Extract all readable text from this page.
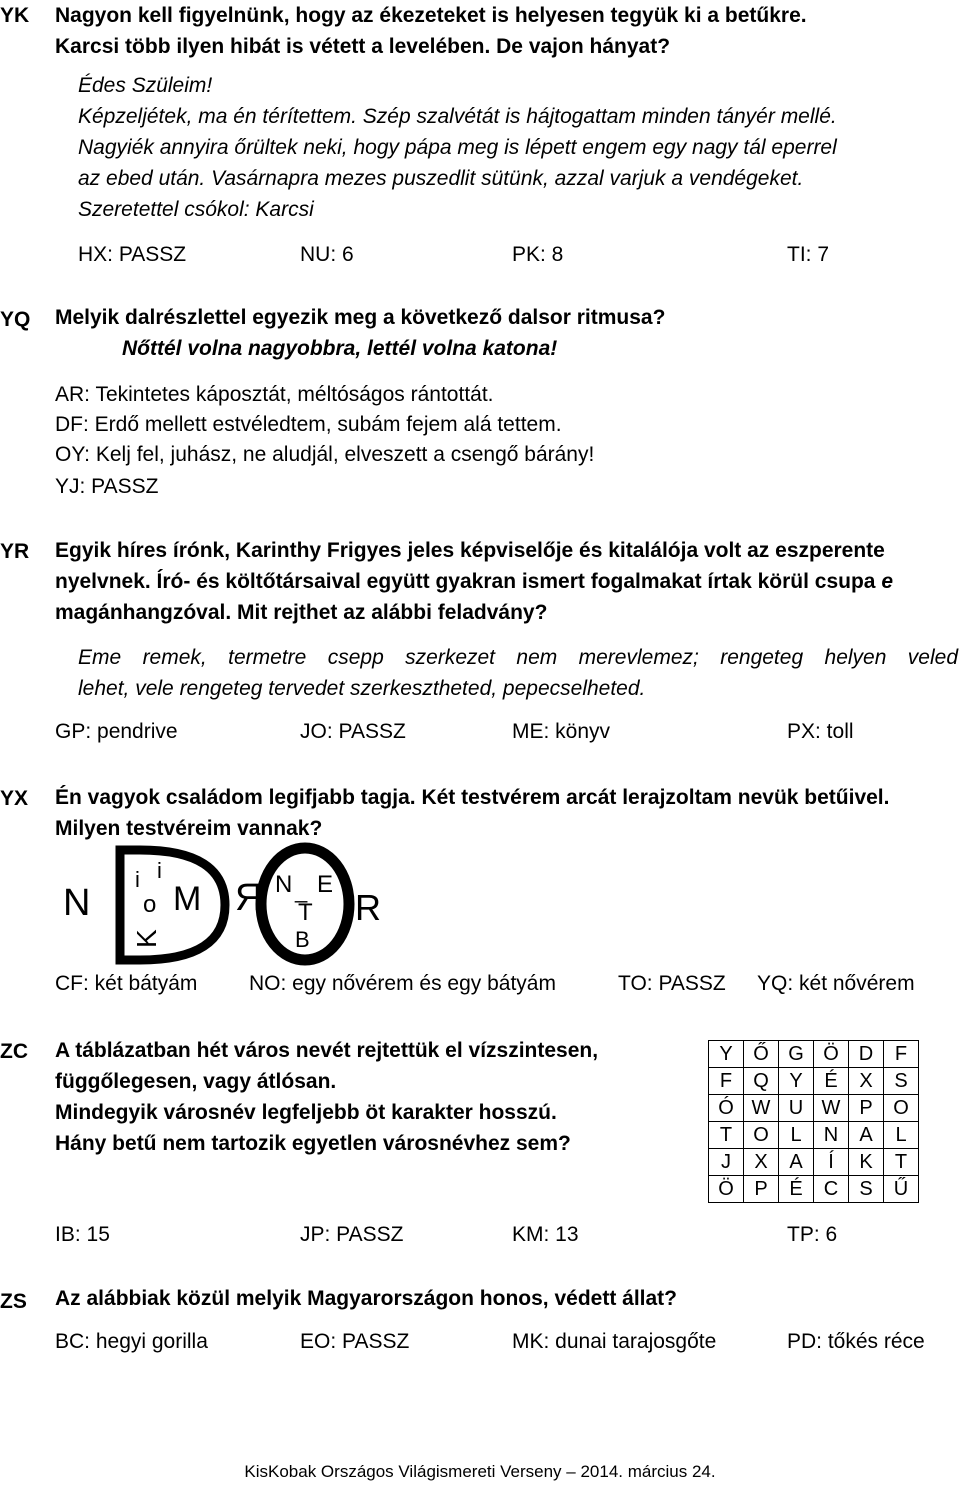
YK Nagyon kell figyelnünk, hogy az ékezeteket is helyesen tegyük ki a betűkre.
Karcsi több ilyen hibát is vétett a levelében. De vajon hányat?
Édes Szüleim!
Képzeljétek, ma én térítettem. Szép szalvétát is hájtogattam minden tányér mellé.
Nagyiék annyira őrültek neki, hogy pápa meg is lépett engem egy nagy tál eperrel
az ebed után. Vasárnapra mezes puszedlit sütünk, azzal varjuk a vendégeket.
Szeretettel csókol: Karcsi
HX: PASSZ	NU: 6	PK: 8	TI: 7
YQ Melyik dalrészlettel egyezik meg a következő dalsor ritmusa?
Nőttél volna nagyobbra, lettél volna katona!
AR: Tekintetes káposztát, méltóságos rántottát.
DF: Erdő mellett estvéledtem, subám fejem alá tettem.
OY: Kelj fel, juhász, ne aludjál, elveszett a csengő bárány!
YJ: PASSZ
YR Egyik híres írónk, Karinthy Frigyes jeles képviselője és kitalálója volt az eszperente
nyelvnek. Író- és költőtársaival együtt gyakran ismert fogalmakat írtak körül csupa e
magánhangzóval. Mit rejthet az alábbi feladvány?
Eme remek, termetre csepp szerkezet nem merevlemez; rengeteg helyen veled
lehet, vele rengeteg tervedet szerkesztheted, pepecselheted.
GP: pendrive	JO: PASSZ	ME: könyv	PX: toll
YX Én vagyok családom legifjabb tagja. Két testvérem arcát lerajzoltam nevük betűivel.
Milyen testvéreim vannak?
N M
i i
o
K
Я	R
N E
_
T
B
CF: két bátyám NO: egy nővérem és egy bátyám	TO: PASSZ YQ: két nővérem
ZC A táblázatban hét város nevét rejtettük el vízszintesen,
függőlegesen, vagy átlósan.
Mindegyik városnév legfeljebb öt karakter hosszú.
Hány betű nem tartozik egyetlen városnévhez sem?
Y	Ő	G	Ö	D	F
F	Q	Y	É	X	S
Ó	W	U	W	P	O
T	O	L	N	A	L
J	X	A	Í	K	T
Ö	P	É	C	S	Ű
IB: 15	JP: PASSZ	KM: 13	TP: 6
ZS Az alábbiak közül melyik Magyarországon honos, védett állat?
BC: hegyi gorilla	EO: PASSZ	MK: dunai tarajosgőte	PD: tőkés réce
KisKobak Országos Világismereti Verseny – 2014. március 24.
